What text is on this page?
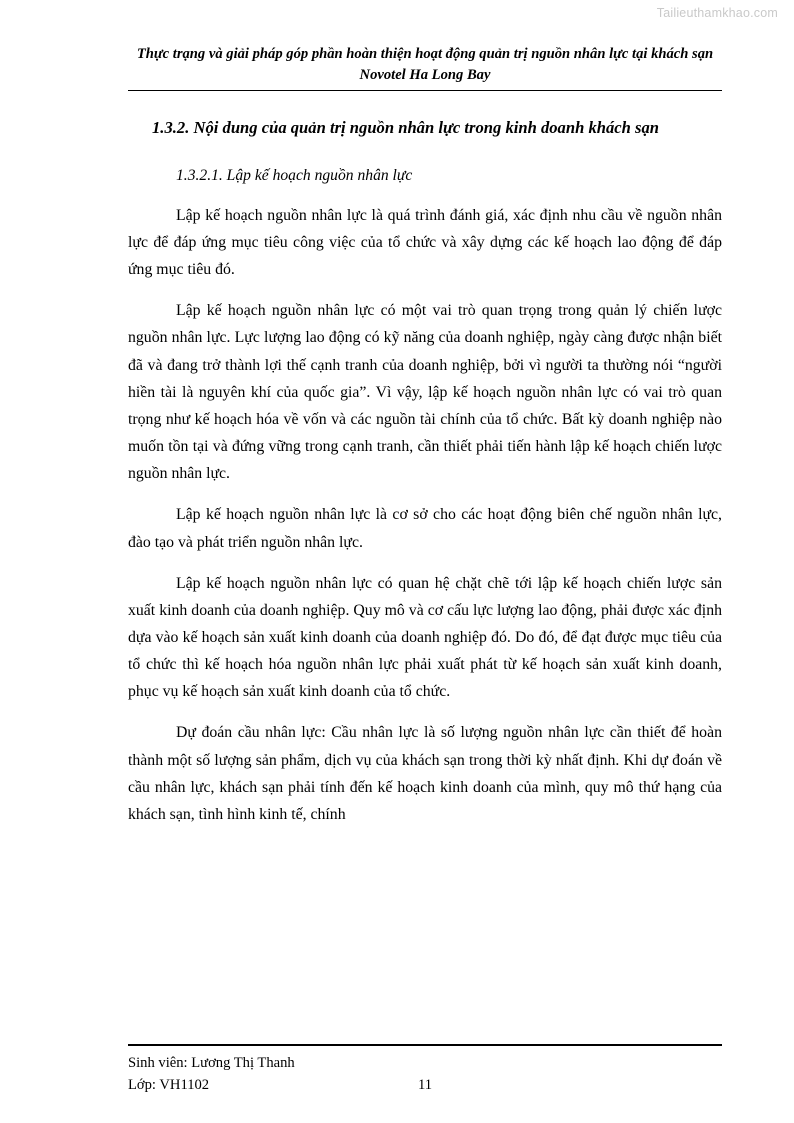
Tailieuthamkhao.com
Thực trạng và giải pháp góp phần hoàn thiện hoạt động quản trị nguồn nhân lực tại khách sạn
Novotel Ha Long Bay
1.3.2. Nội dung của quản trị nguồn nhân lực trong kinh doanh khách sạn
1.3.2.1. Lập kế hoạch nguồn nhân lực

Lập kế hoạch nguồn nhân lực là quá trình đánh giá, xác định nhu cầu về nguồn nhân lực để đáp ứng mục tiêu công việc của tổ chức và xây dựng các kế hoạch lao động để đáp ứng mục tiêu đó.

Lập kế hoạch nguồn nhân lực có một vai trò quan trọng trong quản lý chiến lược nguồn nhân lực. Lực lượng lao động có kỹ năng của doanh nghiệp, ngày càng được nhận biết đã và đang trở thành lợi thế cạnh tranh của doanh nghiệp, bởi vì người ta thường nói “người hiền tài là nguyên khí của quốc gia”. Vì vậy, lập kế hoạch nguồn nhân lực có vai trò quan trọng như kế hoạch hóa về vốn và các nguồn tài chính của tổ chức. Bất kỳ doanh nghiệp nào muốn tồn tại và đứng vững trong cạnh tranh, cần thiết phải tiến hành lập kế hoạch chiến lược nguồn nhân lực.

Lập kế hoạch nguồn nhân lực là cơ sở cho các hoạt động biên chế nguồn nhân lực, đào tạo và phát triển nguồn nhân lực.

Lập kế hoạch nguồn nhân lực có quan hệ chặt chẽ tới lập kế hoạch chiến lược sản xuất kinh doanh của doanh nghiệp. Quy mô và cơ cấu lực lượng lao động, phải được xác định dựa vào kế hoạch sản xuất kinh doanh của doanh nghiệp đó. Do đó, để đạt được mục tiêu của tổ chức thì kế hoạch hóa nguồn nhân lực phải xuất phát từ kế hoạch sản xuất kinh doanh, phục vụ kế hoạch sản xuất kinh doanh của tổ chức.

Dự đoán cầu nhân lực: Cầu nhân lực là số lượng nguồn nhân lực cần thiết để hoàn thành một số lượng sản phẩm, dịch vụ của khách sạn trong thời kỳ nhất định. Khi dự đoán về cầu nhân lực, khách sạn phải tính đến kế hoạch kinh doanh của mình, quy mô thứ hạng của khách sạn, tình hình kinh tế, chính

Sinh viên: Lương Thị Thanh
Lớp: VH1102	11
